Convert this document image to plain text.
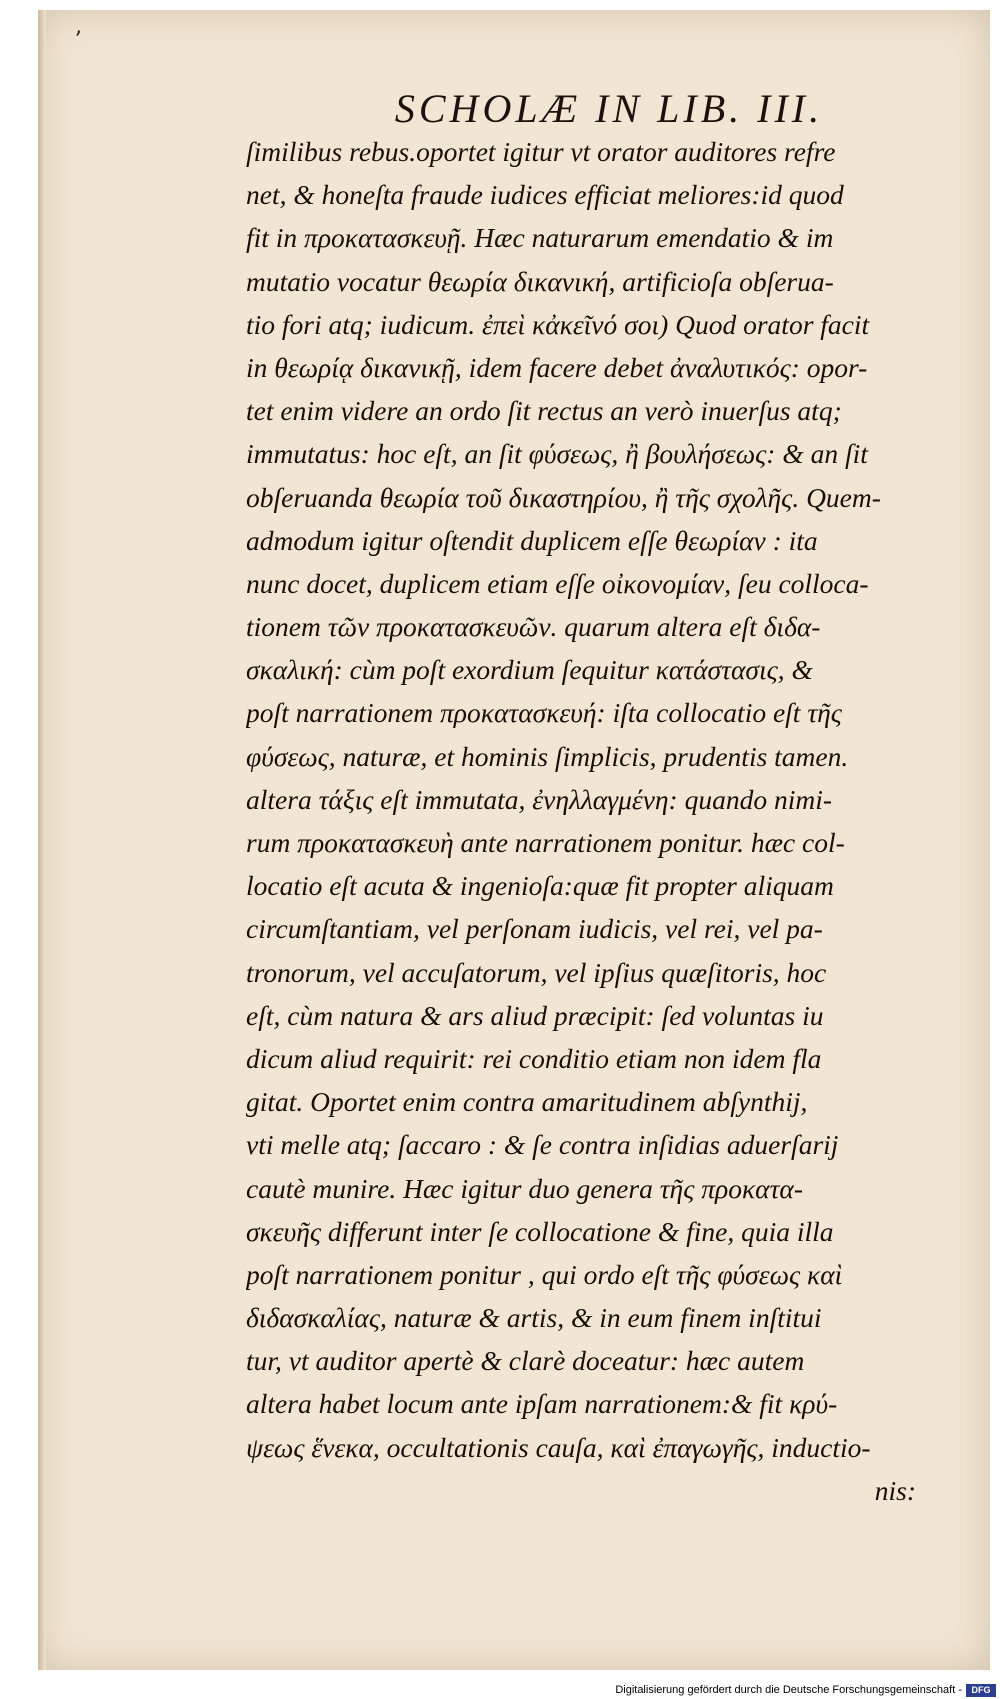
ʼ
SCHOLÆ IN LIB. III.
ſimilibus rebus.oportet igitur vt orator auditores refre
net, & honeſta fraude iudices efficiat meliores:id quod
fit in προκατασκευῇ. Hæc naturarum emendatio & im
mutatio vocatur θεωρία δικανική, artificioſa obſerua-
tio fori atq; iudicum. ἐπεὶ κἀκεῖνό σοι) Quod orator facit
in θεωρίᾳ δικανικῇ, idem facere debet ἀναλυτικός: opor-
tet enim videre an ordo ſit rectus an verò inuerſus atq;
immutatus: hoc eſt, an ſit φύσεως, ἢ βουλήσεως: & an ſit
obſeruanda θεωρία τοῦ δικαστηρίου, ἢ τῆς σχολῆς. Quem-
admodum igitur oſtendit duplicem eſſe θεωρίαν : ita
nunc docet, duplicem etiam eſſe οἰκονομίαν, ſeu colloca-
tionem τῶν προκατασκευῶν. quarum altera eſt διδα-
σκαλική: cùm poſt exordium ſequitur κατάστασις, &
poſt narrationem προκατασκευή: iſta collocatio eſt τῆς
φύσεως, naturæ, et hominis ſimplicis, prudentis tamen.
altera τάξις eſt immutata, ἐνηλλαγμένη: quando nimi-
rum προκατασκευὴ ante narrationem ponitur. hæc col-
locatio eſt acuta & ingenioſa:quæ fit propter aliquam
circumſtantiam, vel perſonam iudicis, vel rei, vel pa-
tronorum, vel accuſatorum, vel ipſius quæſitoris, hoc
eſt, cùm natura & ars aliud præcipit: ſed voluntas iu
dicum aliud requirit: rei conditio etiam non idem fla
gitat. Oportet enim contra amaritudinem abſynthij,
vti melle atq; ſaccaro : & ſe contra inſidias aduerſarij
cautè munire. Hæc igitur duo genera τῆς προκατα-
σκευῆς differunt inter ſe collocatione & fine, quia illa
poſt narrationem ponitur , qui ordo eſt τῆς φύσεως καὶ
διδασκαλίας, naturæ & artis, & in eum finem inſtitui
tur, vt auditor apertè & clarè doceatur: hæc autem
altera habet locum ante ipſam narrationem:& fit κρύ-
ψεως ἕνεκα, occultationis cauſa, καὶ ἐπαγωγῆς, inductio-
nis:
Digitalisierung gefördert durch die Deutsche Forschungsgemeinschaft -	DFG
